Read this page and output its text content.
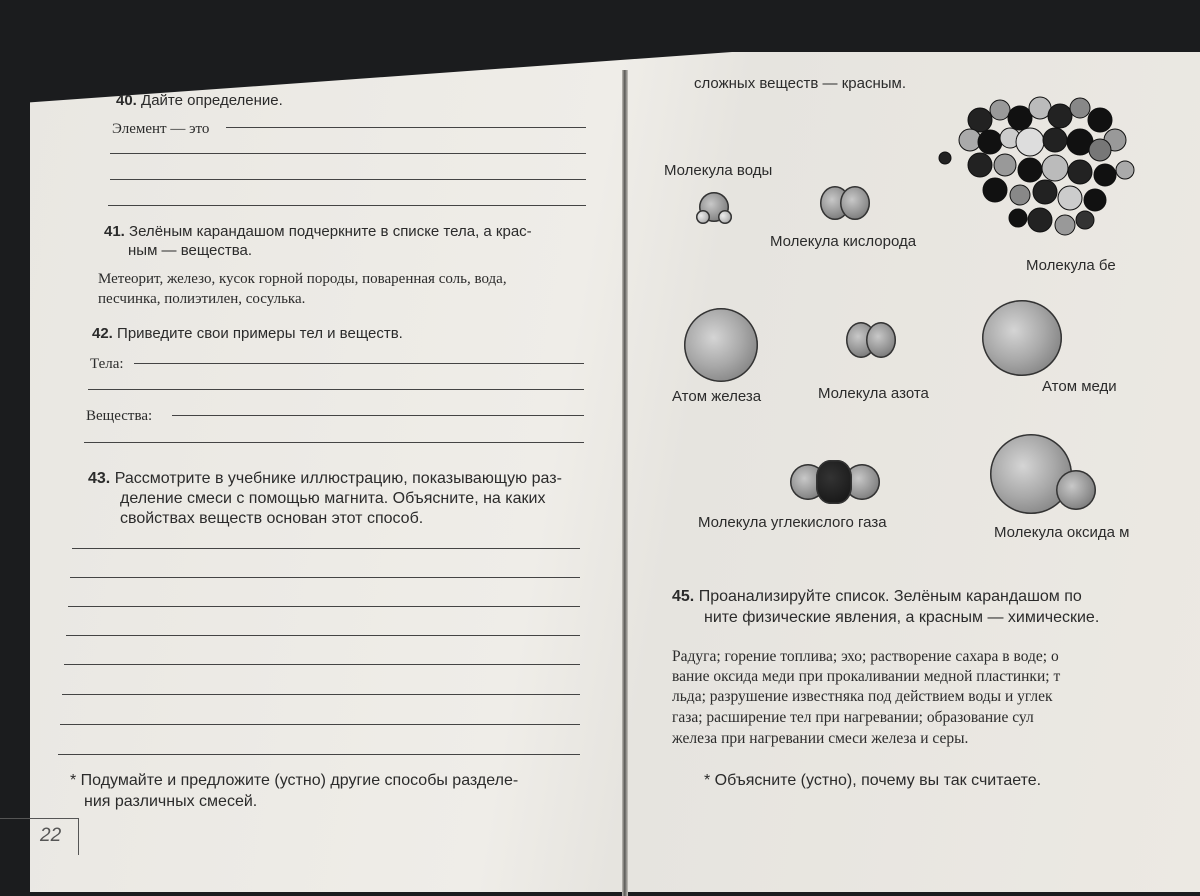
40. Дайте определение.
Элемент — это
41. Зелёным карандашом подчеркните в списке тела, а крас-
ным — вещества.
Метеорит, железо, кусок горной породы, поваренная соль, вода,
песчинка, полиэтилен, сосулька.
42. Приведите свои примеры тел и веществ.
Тела:
Вещества:
43. Рассмотрите в учебнике иллюстрацию, показывающую раз-
деление смеси с помощью магнита. Объясните, на каких
свойствах веществ основан этот способ.
* Подумайте и предложите (устно) другие способы разделе-
ния различных смесей.
22
сложных веществ — красным.
Молекула воды
Молекула кислорода
Молекула бе
Атом железа	Молекула азота	Атом меди
Молекула углекислого газа
Молекула оксида м
45. Проанализируйте список. Зелёным карандашом по
ните физические явления, а красным — химические.
Радуга; горение топлива; эхо; растворение сахара в воде; о
вание оксида меди при прокаливании медной пластинки; т
льда; разрушение известняка под действием воды и углек
газа; расширение тел при нагревании; образование сул
железа при нагревании смеси железа и серы.
* Объясните (устно), почему вы так считаете.
